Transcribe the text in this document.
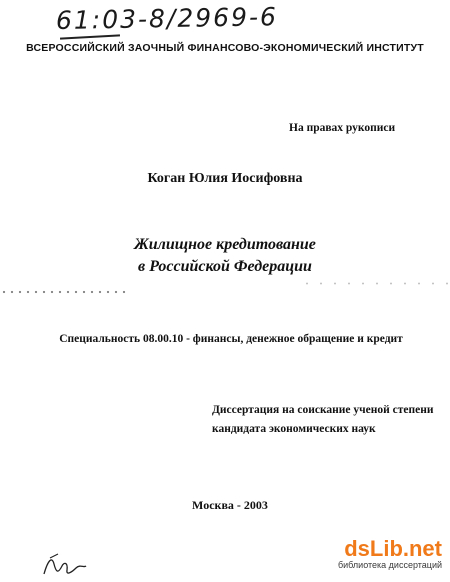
61:03-8/2969-6
ВСЕРОССИЙСКИЙ ЗАОЧНЫЙ ФИНАНСОВО-ЭКОНОМИЧЕСКИЙ ИНСТИТУТ
На правах рукописи
Коган Юлия Иосифовна
Жилищное кредитование
в Российской Федерации
Специальность 08.00.10 - финансы, денежное обращение и кредит
Диссертация на соискание ученой степени
кандидата экономических наук
Москва - 2003
dsLib.net
библиотека диссертаций
